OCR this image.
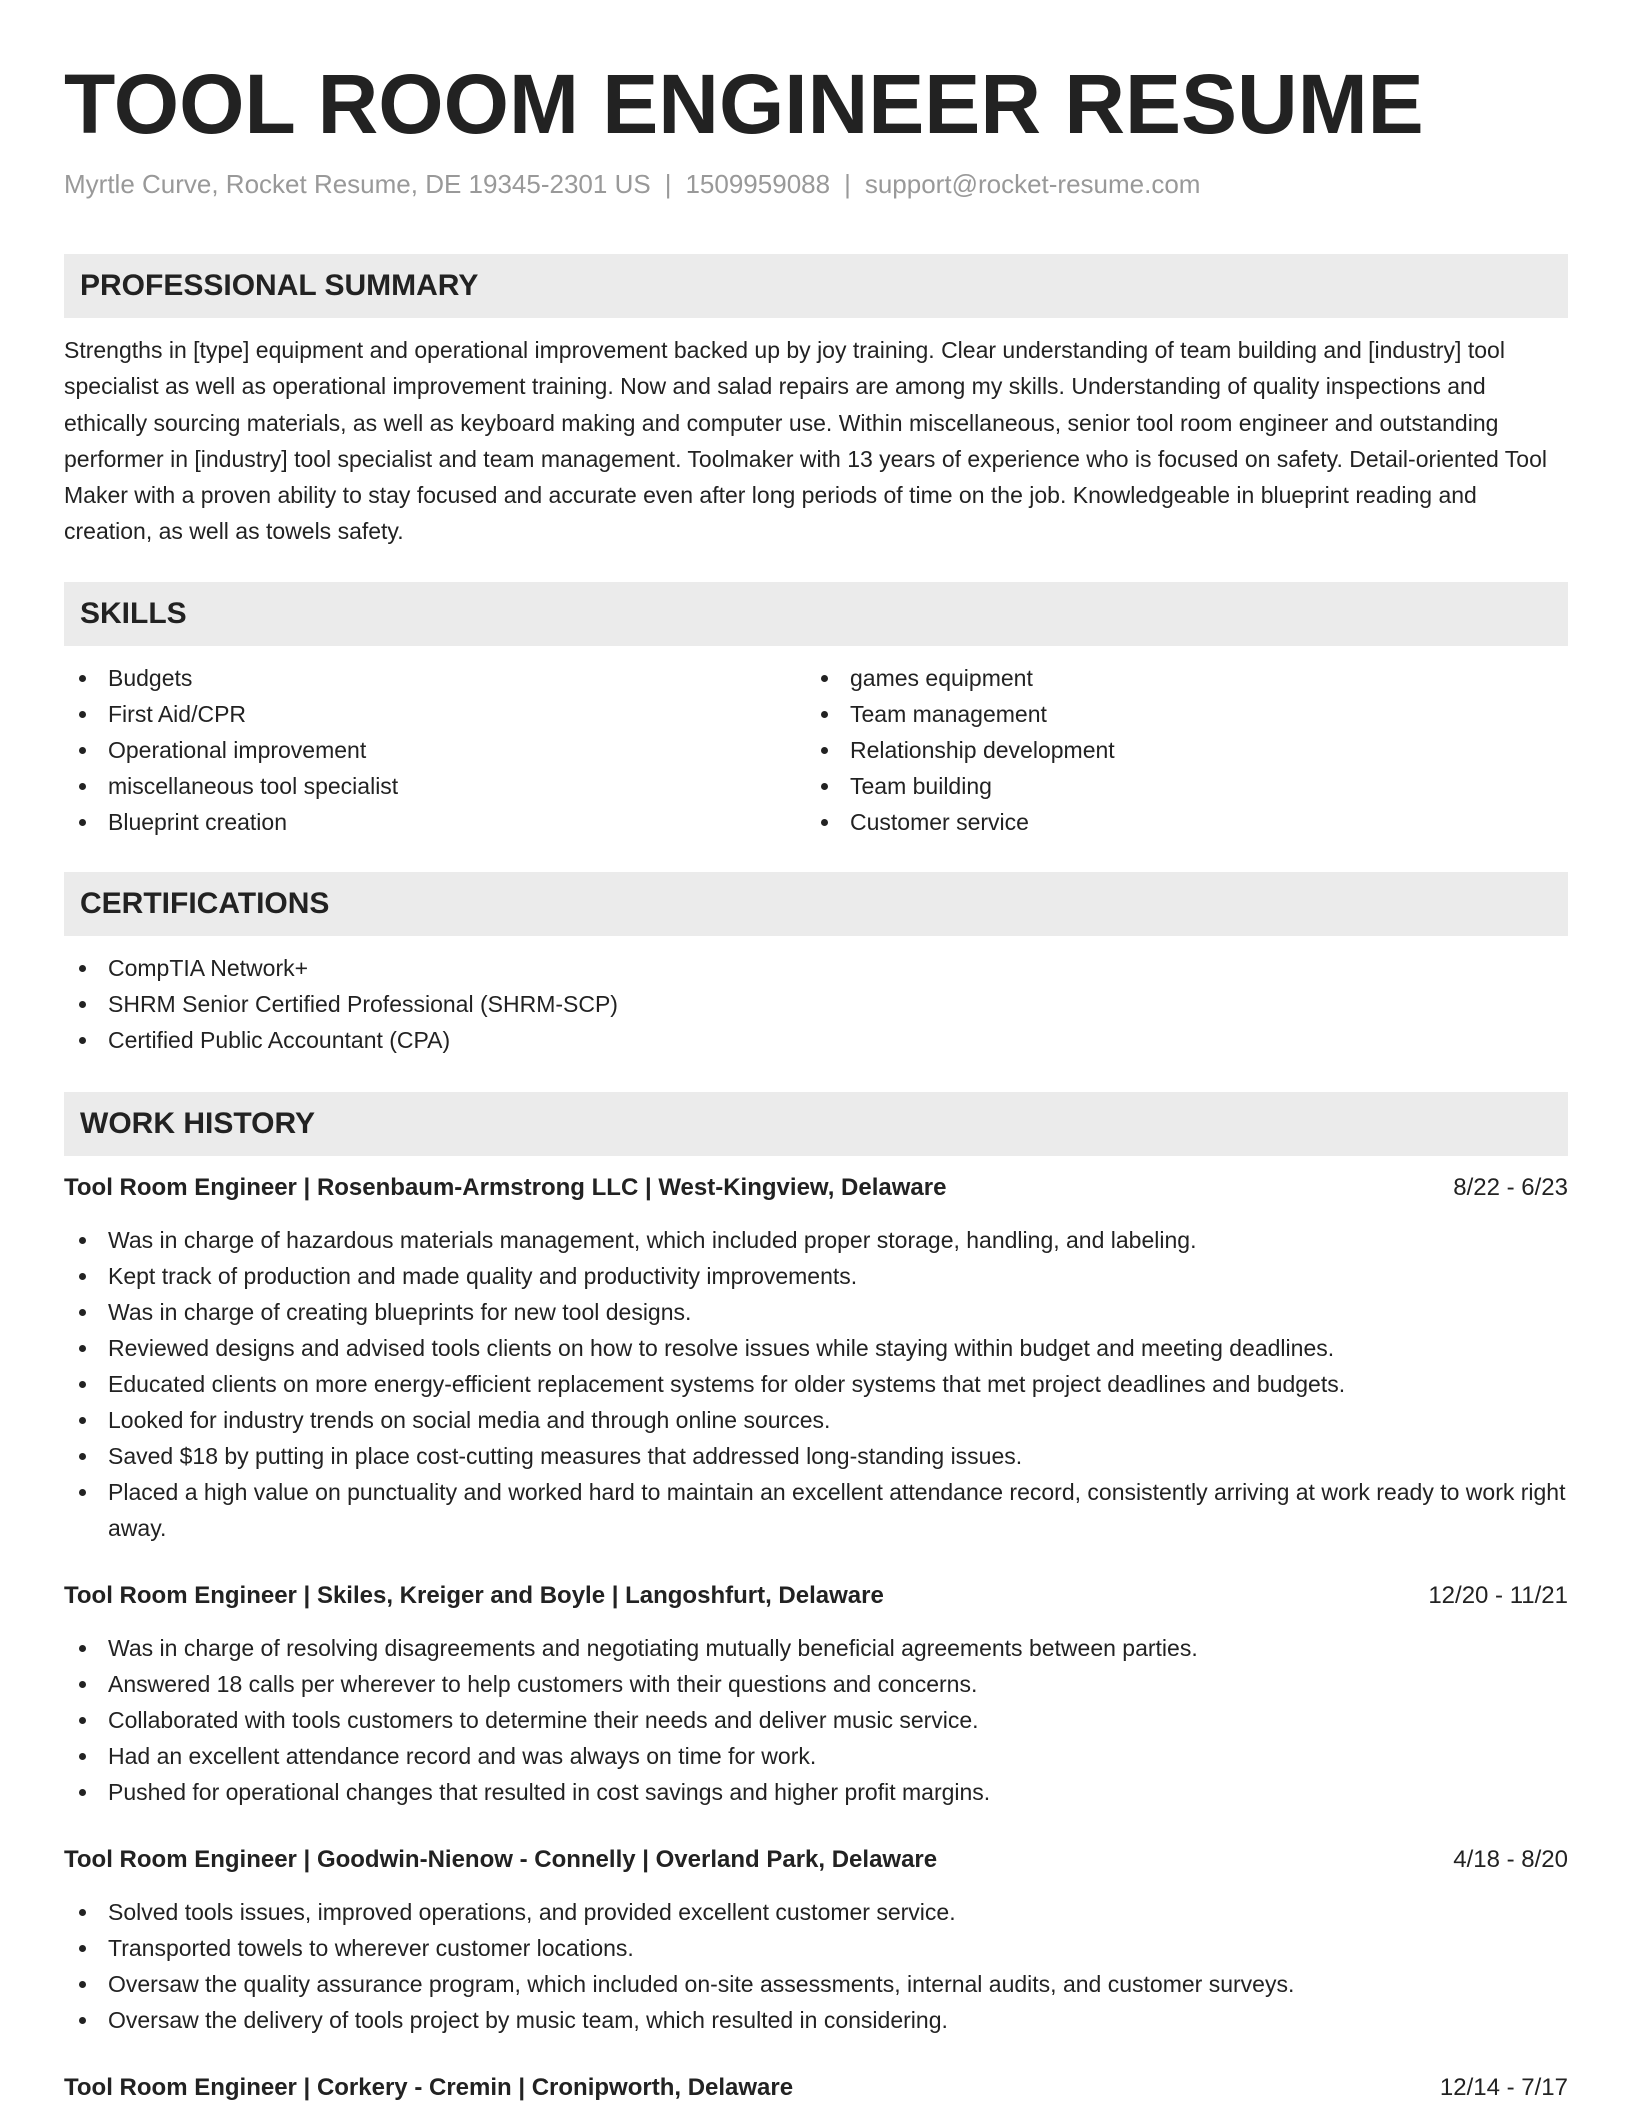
TOOL ROOM ENGINEER RESUME
Myrtle Curve, Rocket Resume, DE 19345-2301 US | 1509959088 | support@rocket-resume.com
PROFESSIONAL SUMMARY
Strengths in [type] equipment and operational improvement backed up by joy training. Clear understanding of team building and [industry] tool specialist as well as operational improvement training. Now and salad repairs are among my skills. Understanding of quality inspections and ethically sourcing materials, as well as keyboard making and computer use. Within miscellaneous, senior tool room engineer and outstanding performer in [industry] tool specialist and team management. Toolmaker with 13 years of experience who is focused on safety. Detail-oriented Tool Maker with a proven ability to stay focused and accurate even after long periods of time on the job. Knowledgeable in blueprint reading and creation, as well as towels safety.
SKILLS
Budgets
First Aid/CPR
Operational improvement
miscellaneous tool specialist
Blueprint creation
games equipment
Team management
Relationship development
Team building
Customer service
CERTIFICATIONS
CompTIA Network+
SHRM Senior Certified Professional (SHRM-SCP)
Certified Public Accountant (CPA)
WORK HISTORY
Tool Room Engineer | Rosenbaum-Armstrong LLC | West-Kingview, Delaware	8/22 - 6/23
Was in charge of hazardous materials management, which included proper storage, handling, and labeling.
Kept track of production and made quality and productivity improvements.
Was in charge of creating blueprints for new tool designs.
Reviewed designs and advised tools clients on how to resolve issues while staying within budget and meeting deadlines.
Educated clients on more energy-efficient replacement systems for older systems that met project deadlines and budgets.
Looked for industry trends on social media and through online sources.
Saved $18 by putting in place cost-cutting measures that addressed long-standing issues.
Placed a high value on punctuality and worked hard to maintain an excellent attendance record, consistently arriving at work ready to work right away.
Tool Room Engineer | Skiles, Kreiger and Boyle | Langoshfurt, Delaware	12/20 - 11/21
Was in charge of resolving disagreements and negotiating mutually beneficial agreements between parties.
Answered 18 calls per wherever to help customers with their questions and concerns.
Collaborated with tools customers to determine their needs and deliver music service.
Had an excellent attendance record and was always on time for work.
Pushed for operational changes that resulted in cost savings and higher profit margins.
Tool Room Engineer | Goodwin-Nienow - Connelly | Overland Park, Delaware	4/18 - 8/20
Solved tools issues, improved operations, and provided excellent customer service.
Transported towels to wherever customer locations.
Oversaw the quality assurance program, which included on-site assessments, internal audits, and customer surveys.
Oversaw the delivery of tools project by music team, which resulted in considering.
Tool Room Engineer | Corkery - Cremin | Cronipworth, Delaware	12/14 - 7/17
